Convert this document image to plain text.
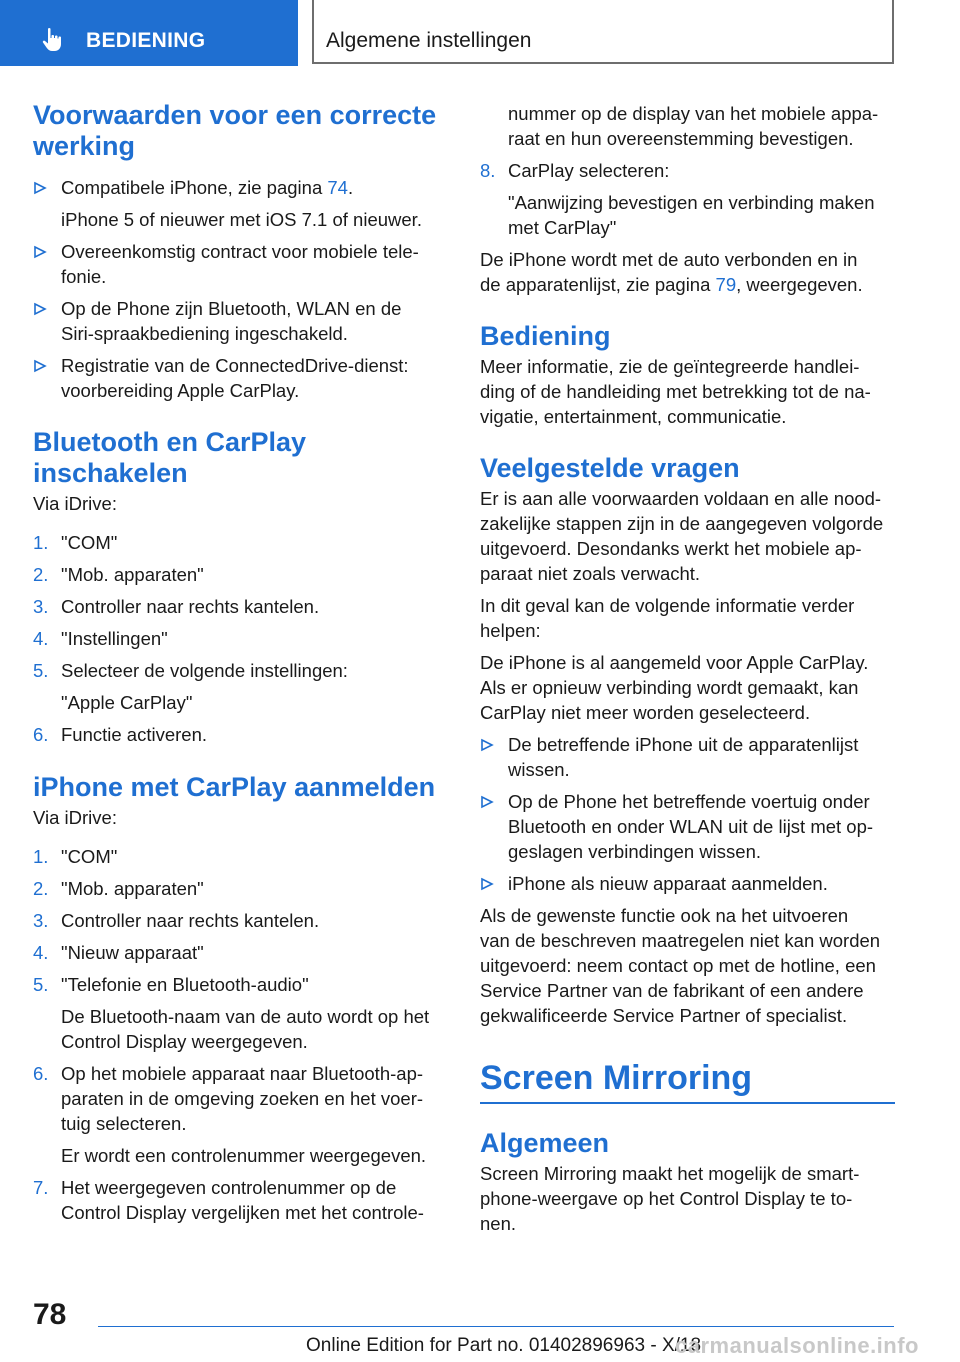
BEDIENING	Algemene instellingen
Voorwaarden voor een correcte
werking
Compatibele iPhone, zie pagina 74.
iPhone 5 of nieuwer met iOS 7.1 of nieuwer.
Overeenkomstig contract voor mobiele tele‐
fonie.
Op de Phone zijn Bluetooth, WLAN en de
Siri-spraakbediening ingeschakeld.
Registratie van de ConnectedDrive-dienst:
voorbereiding Apple CarPlay.
Bluetooth en CarPlay
inschakelen

Via iDrive:

1. "COM"
2. "Mob. apparaten"
3. Controller naar rechts kantelen.
4. "Instellingen"
5. Selecteer de volgende instellingen:
"Apple CarPlay"
6. Functie activeren.
iPhone met CarPlay aanmelden

Via iDrive:

1. "COM"
2. "Mob. apparaten"
3. Controller naar rechts kantelen.
4. "Nieuw apparaat"
5. "Telefonie en Bluetooth-audio"
De Bluetooth-naam van de auto wordt op het
Control Display weergegeven.
6. Op het mobiele apparaat naar Bluetooth-ap‐
paraten in de omgeving zoeken en het voer‐
tuig selecteren.
Er wordt een controlenummer weergegeven.
7. Het weergegeven controlenummer op de
Control Display vergelijken met het controle‐
nummer op de display van het mobiele appa‐
raat en hun overeenstemming bevestigen.
8. CarPlay selecteren:
"Aanwijzing bevestigen en verbinding maken
met CarPlay"

De iPhone wordt met de auto verbonden en in
de apparatenlijst, zie pagina 79, weergegeven.

Bediening

Meer informatie, zie de geïntegreerde handlei‐
ding of de handleiding met betrekking tot de na‐
vigatie, entertainment, communicatie.

Veelgestelde vragen

Er is aan alle voorwaarden voldaan en alle nood‐
zakelijke stappen zijn in de aangegeven volgorde
uitgevoerd. Desondanks werkt het mobiele ap‐
paraat niet zoals verwacht.

In dit geval kan de volgende informatie verder
helpen:

De iPhone is al aangemeld voor Apple CarPlay.
Als er opnieuw verbinding wordt gemaakt, kan
CarPlay niet meer worden geselecteerd.

De betreffende iPhone uit de apparatenlijst
wissen.
Op de Phone het betreffende voertuig onder
Bluetooth en onder WLAN uit de lijst met op‐
geslagen verbindingen wissen.
iPhone als nieuw apparaat aanmelden.

Als de gewenste functie ook na het uitvoeren
van de beschreven maatregelen niet kan worden
uitgevoerd: neem contact op met de hotline, een
Service Partner van de fabrikant of een andere
gekwalificeerde Service Partner of specialist.

Screen Mirroring
Algemeen

Screen Mirroring maakt het mogelijk de smart‐
phone-weergave op het Control Display te to‐
nen.

78
Online Edition for Part no. 01402896963 - X/18
carmanualsonline.info
